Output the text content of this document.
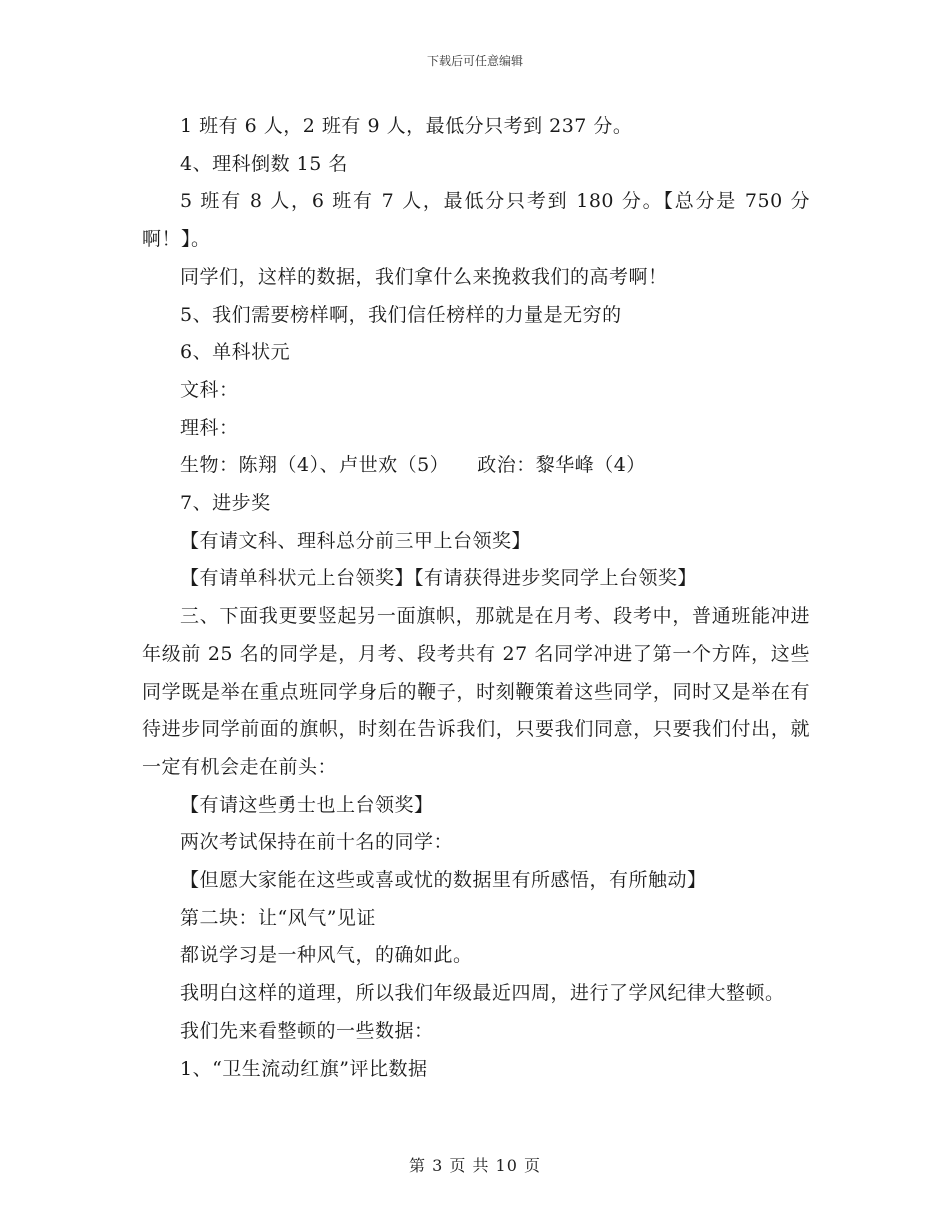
下载后可任意编辑

1 班有 6 人，2 班有 9 人，最低分只考到 237 分。

4、理科倒数 15 名

5 班有 8 人，6 班有 7 人，最低分只考到 180 分。【总分是 750 分啊！】。

同学们，这样的数据，我们拿什么来挽救我们的高考啊！

5、我们需要榜样啊，我们信任榜样的力量是无穷的

6、单科状元

文科：

理科：

生物：陈翔（4）、卢世欢（5） 政治：黎华峰（4）

7、进步奖

【有请文科、理科总分前三甲上台领奖】

【有请单科状元上台领奖】【有请获得进步奖同学上台领奖】

三、下面我更要竖起另一面旗帜，那就是在月考、段考中，普通班能冲进年级前 25 名的同学是，月考、段考共有 27 名同学冲进了第一个方阵，这些同学既是举在重点班同学身后的鞭子，时刻鞭策着这些同学，同时又是举在有待进步同学前面的旗帜，时刻在告诉我们，只要我们同意，只要我们付出，就一定有机会走在前头：

【有请这些勇士也上台领奖】

两次考试保持在前十名的同学：

【但愿大家能在这些或喜或忧的数据里有所感悟，有所触动】

第二块：让“风气”见证

都说学习是一种风气，的确如此。

我明白这样的道理，所以我们年级最近四周，进行了学风纪律大整顿。

我们先来看整顿的一些数据：

1、“卫生流动红旗”评比数据

第 3 页 共 10 页
